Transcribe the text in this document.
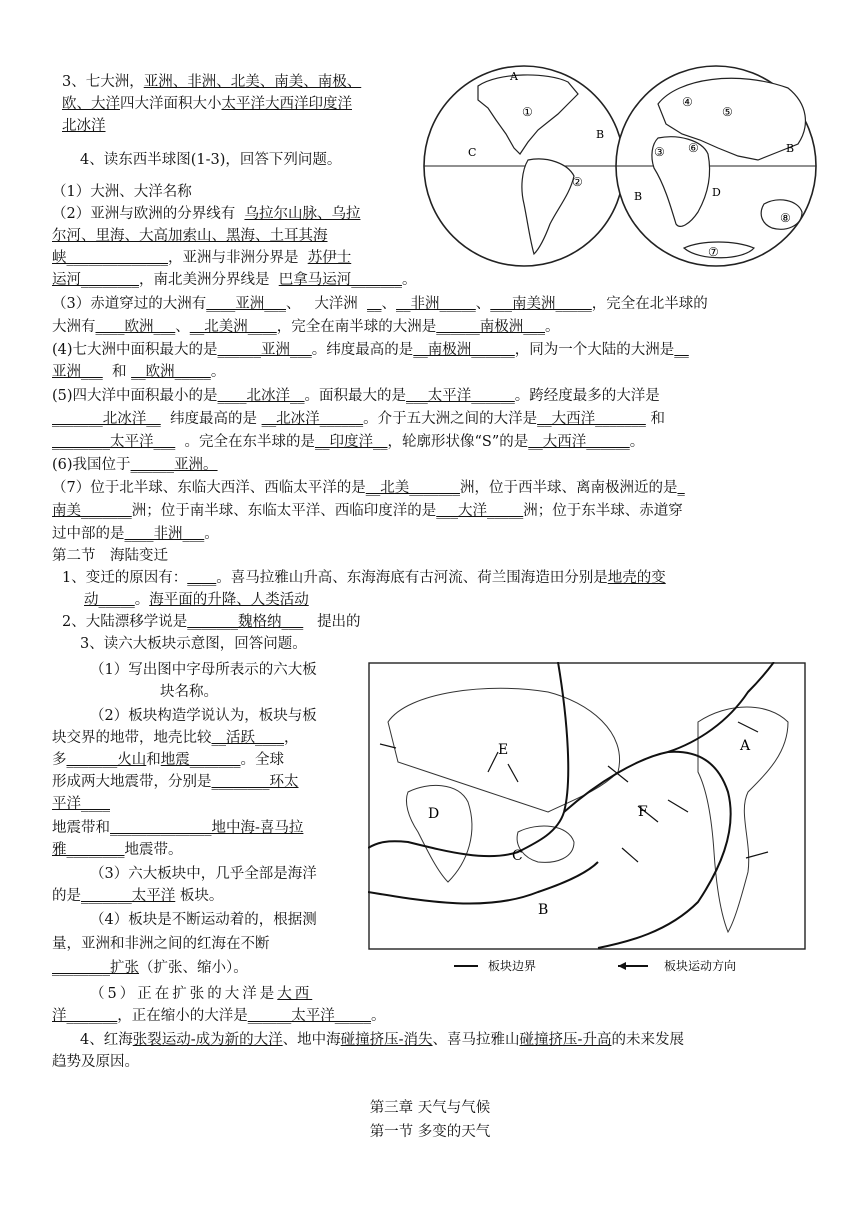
3、七大洲，亚洲、非洲、北美、南美、南极、
欧、大洋四大洋面积大小太平洋大西洋印度洋
北冰洋
4、读东西半球图(1-3)，回答下列问题。
（1）大洲、大洋名称
（2）亚洲与欧洲的分界线有 乌拉尔山脉、乌拉
尔河、里海、大高加索山、黑海、土耳其海
峡______________，亚洲与非洲分界是 苏伊士
运河________，南北美洲分界线是 巴拿马运河_______。
（3）赤道穿过的大洲有____亚洲___、 大洋洲 __、__非洲_____、___南美洲_____，完全在北半球的
大洲有____欧洲___、__北美洲____，完全在南半球的大洲是______南极洲___。
(4)七大洲中面积最大的是______亚洲___。纬度最高的是__南极洲______，同为一个大陆的大洲是__
亚洲___ 和 __欧洲_____。
(5)四大洋中面积最小的是____北冰洋__。面积最大的是___太平洋______。跨经度最多的大洋是
_______北冰洋__ 纬度最高的是 __北冰洋______。介于五大洲之间的大洋是__大西洋_______ 和
________太平洋___ 。完全在东半球的是__印度洋__，轮廓形状像“S”的是__大西洋______。
(6)我国位于______亚洲。
（7）位于北半球、东临大西洋、西临太平洋的是__北美_______洲，位于西半球、离南极洲近的是_
南美_______洲；位于南半球、东临太平洋、西临印度洋的是___大洋_____洲；位于东半球、赤道穿
过中部的是____非洲___。
第二节　海陆变迁
1、变迁的原因有：____。喜马拉雅山升高、东海海底有古河流、荷兰围海造田分别是地壳的变
动_____。海平面的升降、人类活动
2、大陆漂移学说是_______魏格纳___ 提出的
3、读六大板块示意图，回答问题。
（1）写出图中字母所表示的六大板
块名称。
（2）板块构造学说认为，板块与板
块交界的地带，地壳比较__活跃____，
多_______火山和地震_______。全球
形成两大地震带，分别是________环太
平洋____
地震带和______________地中海-喜马拉
雅________地震带。
（3）六大板块中，几乎全部是海洋
的是_______太平洋 板块。
（4）板块是不断运动着的，根据测
量，亚洲和非洲之间的红海在不断
________扩张（扩张、缩小）。
（5）正在扩张的大洋是大西
洋_______，正在缩小的大洋是______太平洋_____。
4、红海张裂运动-成为新的大洋、地中海碰撞挤压-消失、喜马拉雅山碰撞挤压-升高的未来发展
趋势及原因。
第三章 天气与气候
第一节 多变的天气
A
B
C
①
②
③
④
⑤
⑥
⑦
⑧
D
B
B
A
B
C
D
E
F
板块边界	板块运动方向
